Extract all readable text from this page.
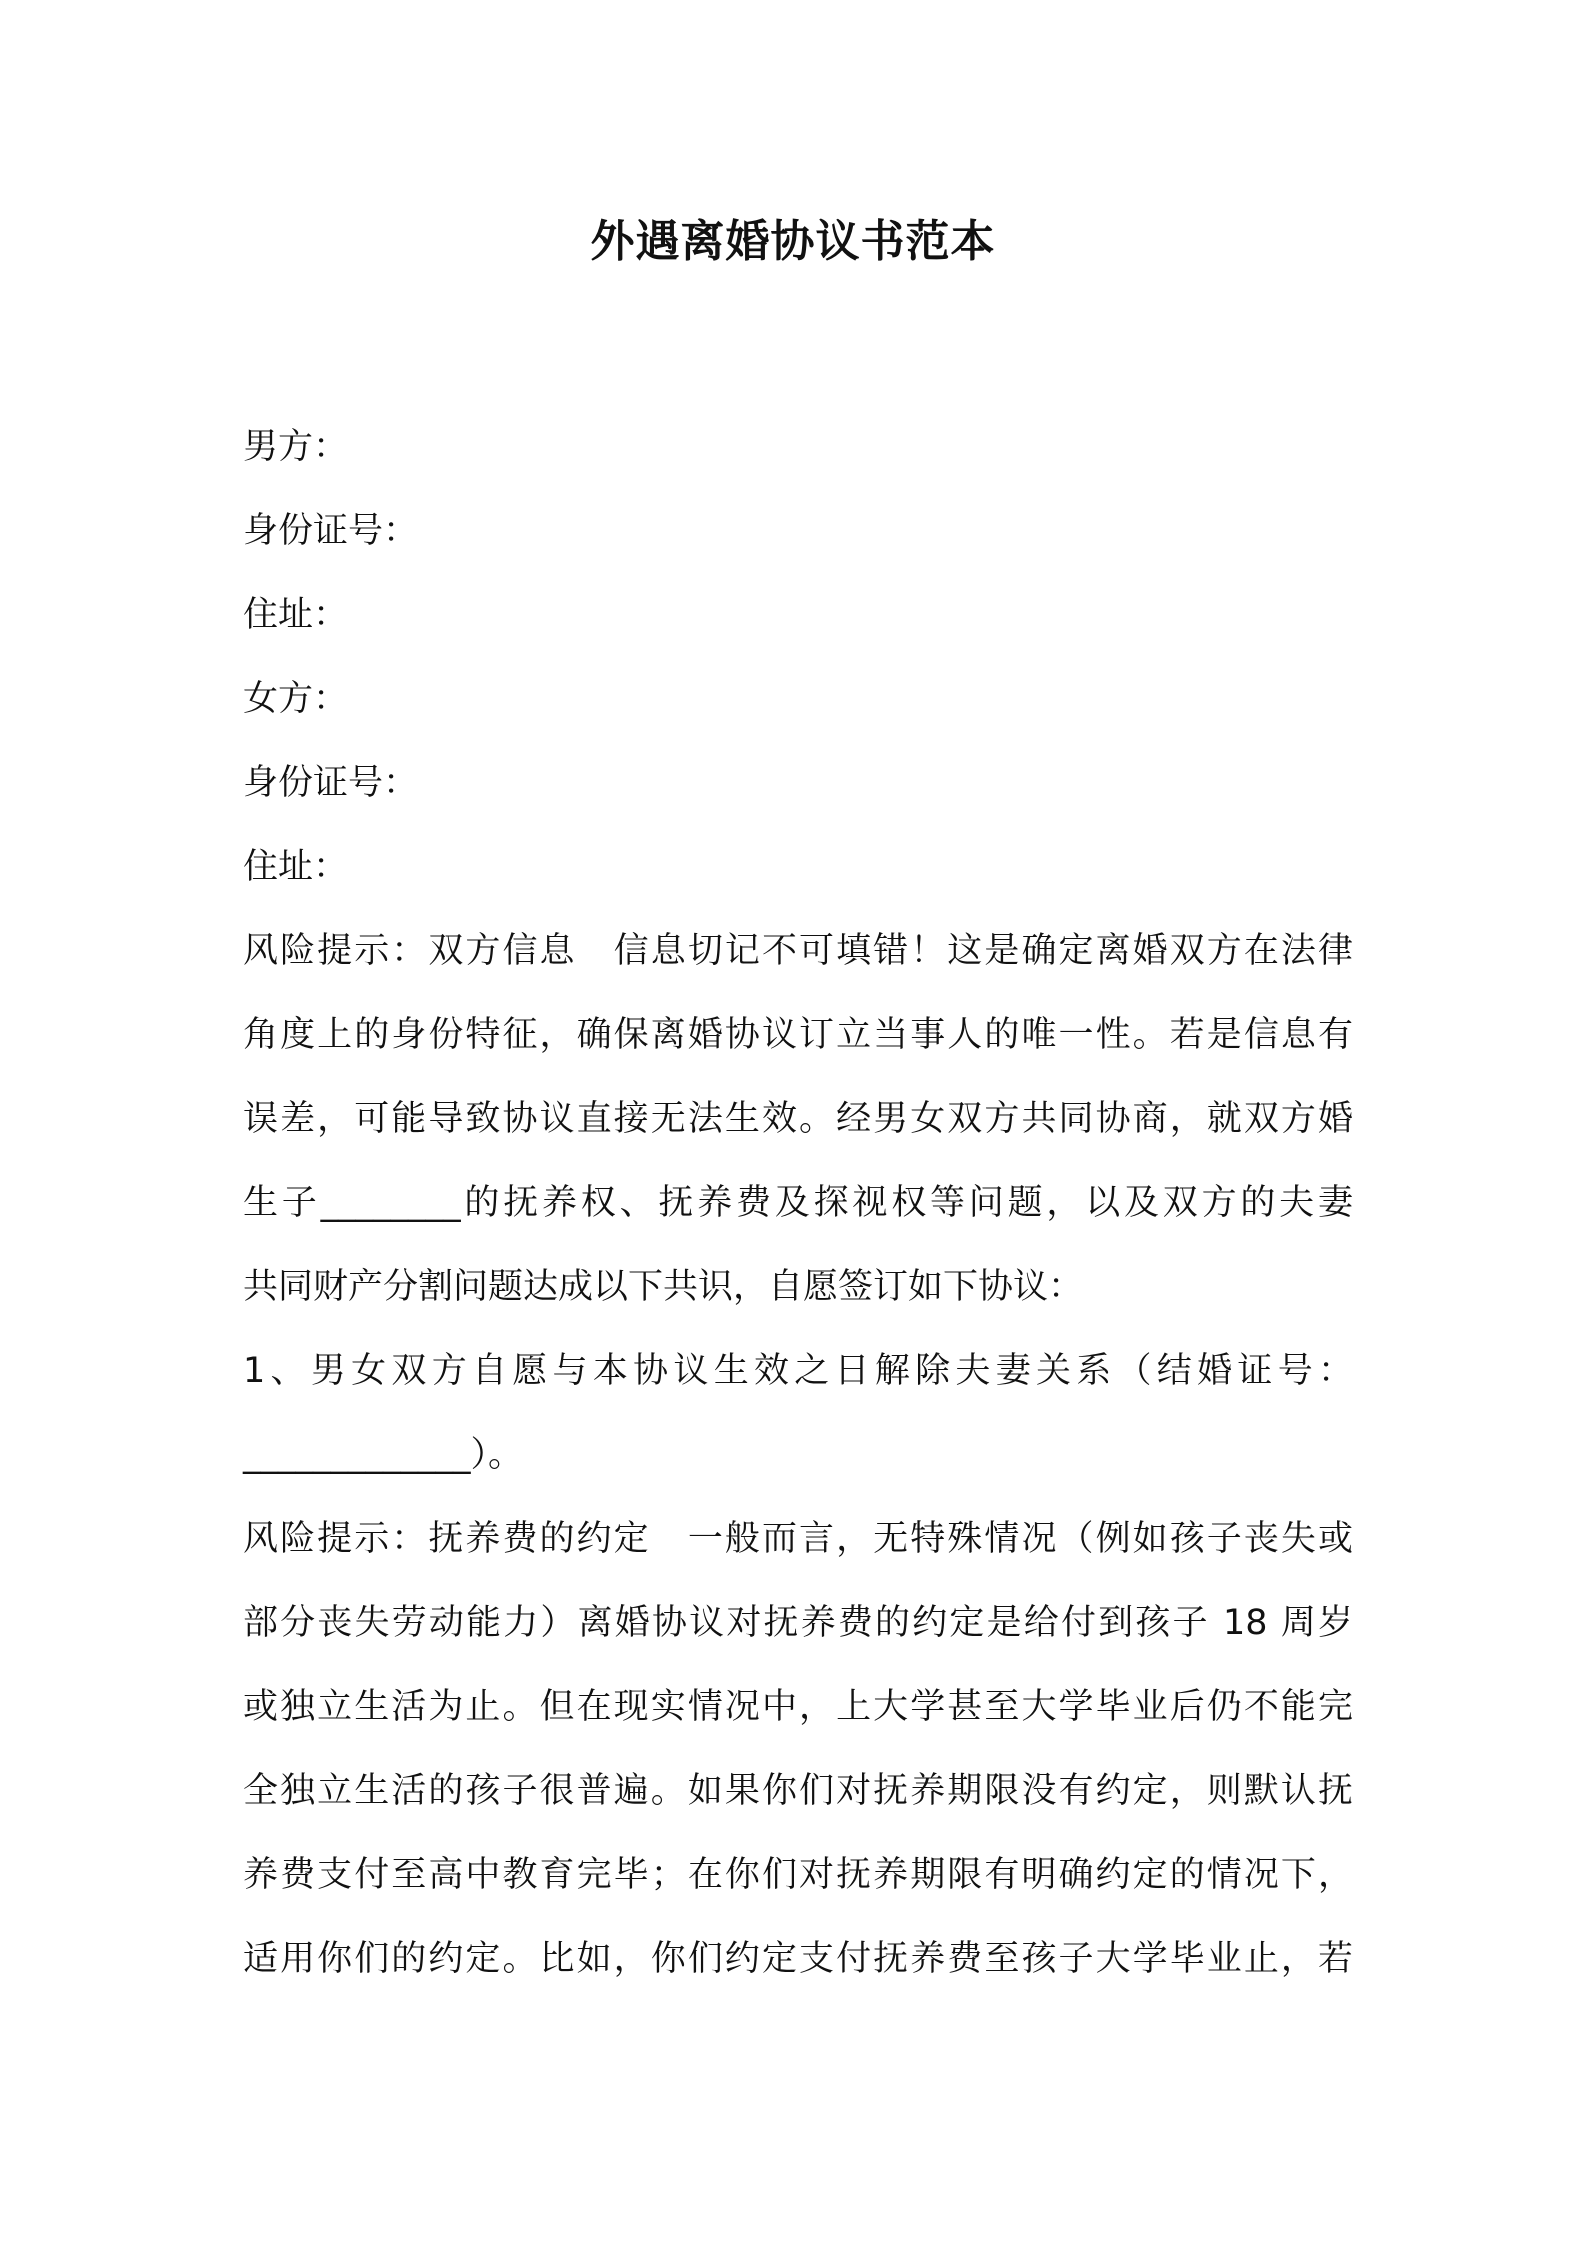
外遇离婚协议书范本
男方：
身份证号：
住址：
女方：
身份证号：
住址：
风险提示：双方信息　信息切记不可填错！这是确定离婚双方在法律
角度上的身份特征，确保离婚协议订立当事人的唯一性。若是信息有
误差，可能导致协议直接无法生效。经男女双方共同协商，就双方婚
生子________的抚养权、抚养费及探视权等问题，以及双方的夫妻
共同财产分割问题达成以下共识，自愿签订如下协议：
1、男女双方自愿与本协议生效之日解除夫妻关系（结婚证号：
_____________）。
风险提示：抚养费的约定　一般而言，无特殊情况（例如孩子丧失或
部分丧失劳动能力）离婚协议对抚养费的约定是给付到孩子 18 周岁
或独立生活为止。但在现实情况中，上大学甚至大学毕业后仍不能完
全独立生活的孩子很普遍。如果你们对抚养期限没有约定，则默认抚
养费支付至高中教育完毕；在你们对抚养期限有明确约定的情况下，
适用你们的约定。比如，你们约定支付抚养费至孩子大学毕业止，若
